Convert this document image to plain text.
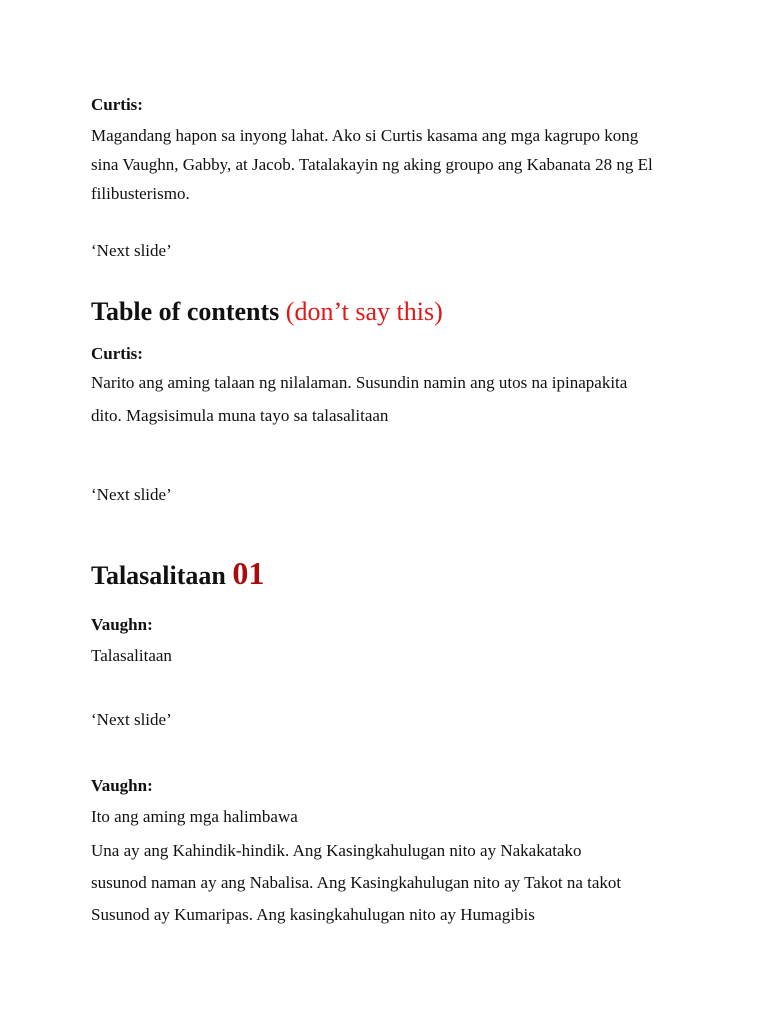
Curtis:
Magandang hapon sa inyong lahat. Ako si Curtis kasama ang mga kagrupo kong
sina Vaughn, Gabby, at Jacob. Tatalakayin ng aking groupo ang Kabanata 28 ng El
filibusterismo.
‘Next slide’
Table of contents (don’t say this)
Curtis:
Narito ang aming talaan ng nilalaman. Susundin namin ang utos na ipinapakita
dito. Magsisimula muna tayo sa talasalitaan
‘Next slide’
Talasalitaan 01
Vaughn:
Talasalitaan
‘Next slide’
Vaughn:
Ito ang aming mga halimbawa
Una ay ang Kahindik-hindik. Ang Kasingkahulugan nito ay Nakakatako
susunod naman ay ang Nabalisa. Ang Kasingkahulugan nito ay Takot na takot
Susunod ay Kumaripas. Ang kasingkahulugan nito ay Humagibis
